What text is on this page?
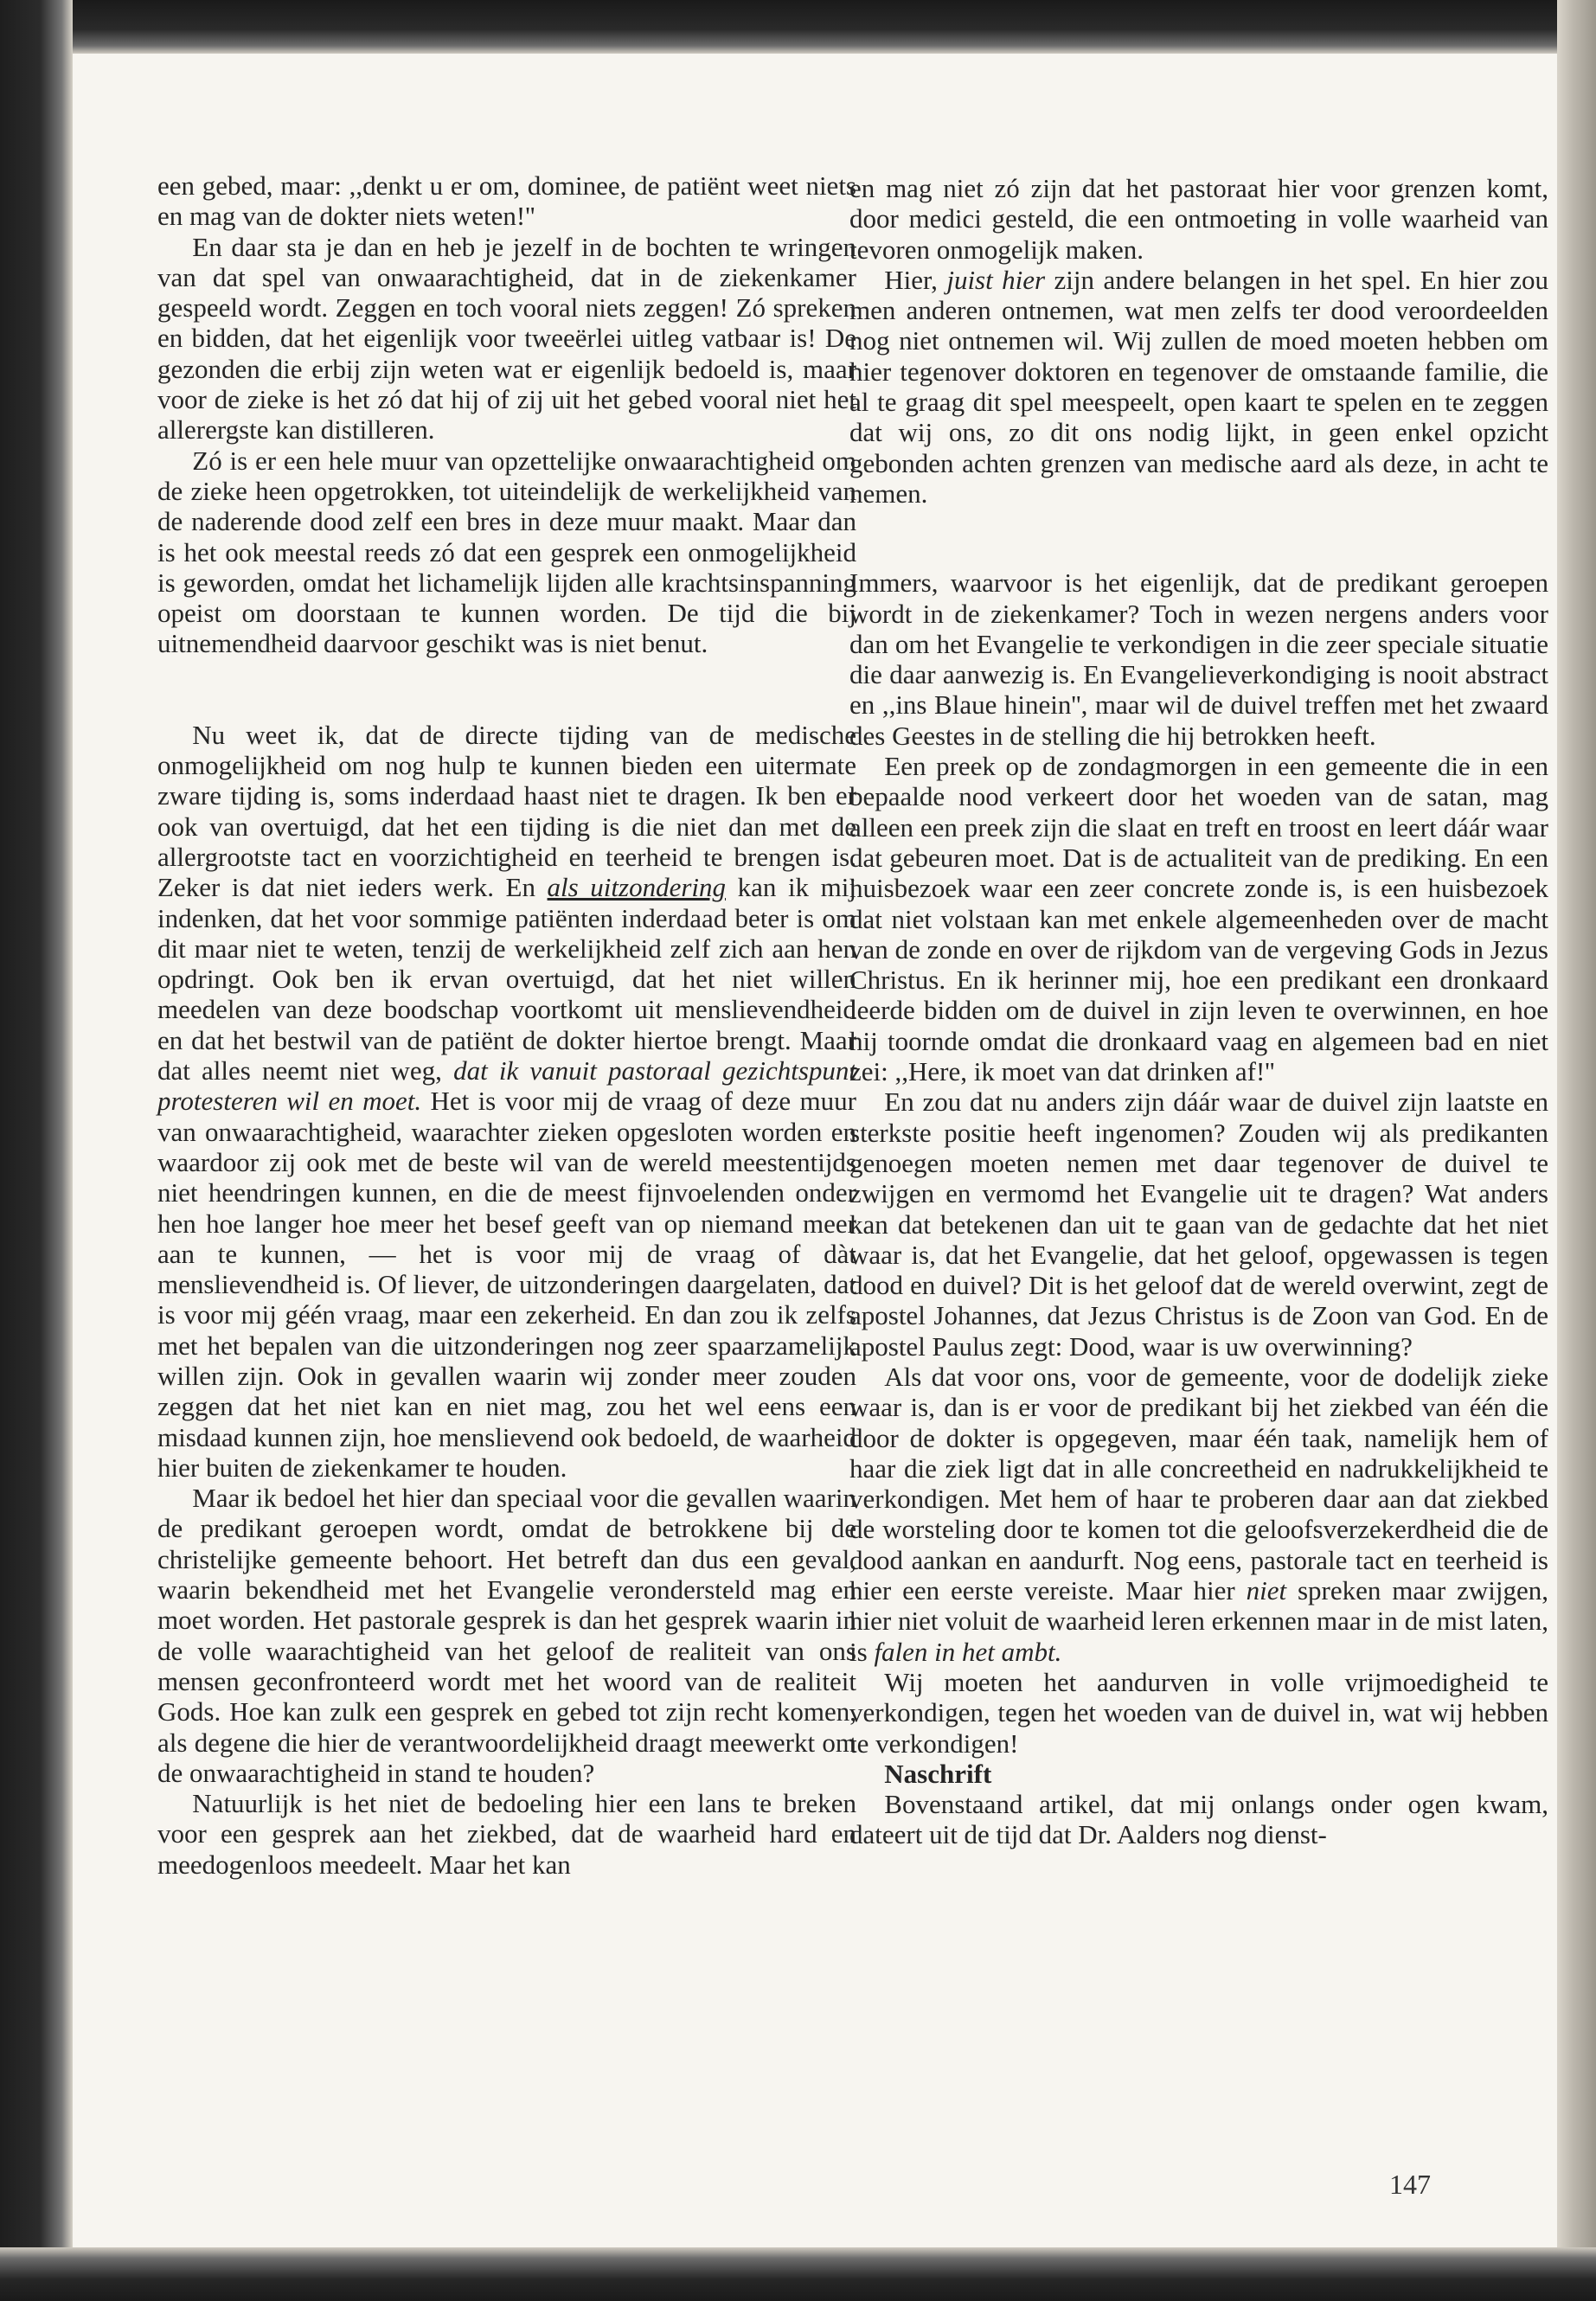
een gebed, maar: ,,denkt u er om, dominee, de patiënt weet niets en mag van de dokter niets weten!''

En daar sta je dan en heb je jezelf in de bochten te wringen van dat spel van onwaarachtigheid, dat in de ziekenkamer gespeeld wordt. Zeggen en toch vooral niets zeggen! Zó spreken en bidden, dat het eigenlijk voor tweeërlei uitleg vatbaar is! De gezonden die erbij zijn weten wat er eigenlijk bedoeld is, maar voor de zieke is het zó dat hij of zij uit het gebed vooral niet het allerergste kan distilleren.

Zó is er een hele muur van opzettelijke onwaarachtigheid om de zieke heen opgetrokken, tot uiteindelijk de werkelijkheid van de naderende dood zelf een bres in deze muur maakt. Maar dan is het ook meestal reeds zó dat een gesprek een onmogelijkheid is geworden, omdat het lichamelijk lijden alle krachtsinspanning opeist om doorstaan te kunnen worden. De tijd die bij uitnemendheid daarvoor geschikt was is niet benut.

Nu weet ik, dat de directe tijding van de medische onmogelijkheid om nog hulp te kunnen bieden een uitermate zware tijding is, soms inderdaad haast niet te dragen. Ik ben er ook van overtuigd, dat het een tijding is die niet dan met de allergrootste tact en voorzichtigheid en teerheid te brengen is. Zeker is dat niet ieders werk. En als uitzondering kan ik mij indenken, dat het voor sommige patiënten inderdaad beter is om dit maar niet te weten, tenzij de werkelijkheid zelf zich aan hen opdringt. Ook ben ik ervan overtuigd, dat het niet willen meedelen van deze boodschap voortkomt uit menslievendheid en dat het bestwil van de patiënt de dokter hiertoe brengt. Maar dat alles neemt niet weg, dat ik vanuit pastoraal gezichtspunt protesteren wil en moet. Het is voor mij de vraag of deze muur van onwaarachtigheid, waarachter zieken opgesloten worden en waardoor zij ook met de beste wil van de wereld meestentijds niet heendringen kunnen, en die de meest fijnvoelenden onder hen hoe langer hoe meer het besef geeft van op niemand meer aan te kunnen, — het is voor mij de vraag of dàt menslievendheid is. Of liever, de uitzonderingen daargelaten, dat is voor mij géén vraag, maar een zekerheid. En dan zou ik zelfs met het bepalen van die uitzonderingen nog zeer spaarzamelijk willen zijn. Ook in gevallen waarin wij zonder meer zouden zeggen dat het niet kan en niet mag, zou het wel eens een misdaad kunnen zijn, hoe menslievend ook bedoeld, de waarheid hier buiten de ziekenkamer te houden.

Maar ik bedoel het hier dan speciaal voor die gevallen waarin de predikant geroepen wordt, omdat de betrokkene bij de christelijke gemeente behoort. Het betreft dan dus een geval, waarin bekendheid met het Evangelie verondersteld mag en moet worden. Het pastorale gesprek is dan het gesprek waarin in de volle waarachtigheid van het geloof de realiteit van ons mensen geconfronteerd wordt met het woord van de realiteit Gods. Hoe kan zulk een gesprek en gebed tot zijn recht komen, als degene die hier de verantwoordelijkheid draagt meewerkt om de onwaarachtigheid in stand te houden?

Natuurlijk is het niet de bedoeling hier een lans te breken voor een gesprek aan het ziekbed, dat de waarheid hard en meedogenloos meedeelt. Maar het kan

en mag niet zó zijn dat het pastoraat hier voor grenzen komt, door medici gesteld, die een ontmoeting in volle waarheid van tevoren onmogelijk maken.

Hier, juist hier zijn andere belangen in het spel. En hier zou men anderen ontnemen, wat men zelfs ter dood veroordeelden nog niet ontnemen wil. Wij zullen de moed moeten hebben om hier tegenover doktoren en tegenover de omstaande familie, die al te graag dit spel meespeelt, open kaart te spelen en te zeggen dat wij ons, zo dit ons nodig lijkt, in geen enkel opzicht gebonden achten grenzen van medische aard als deze, in acht te nemen.

Immers, waarvoor is het eigenlijk, dat de predikant geroepen wordt in de ziekenkamer? Toch in wezen nergens anders voor dan om het Evangelie te verkondigen in die zeer speciale situatie die daar aanwezig is. En Evangelieverkondiging is nooit abstract en ,,ins Blaue hinein'', maar wil de duivel treffen met het zwaard des Geestes in de stelling die hij betrokken heeft.

Een preek op de zondagmorgen in een gemeente die in een bepaalde nood verkeert door het woeden van de satan, mag alleen een preek zijn die slaat en treft en troost en leert dáár waar dat gebeuren moet. Dat is de actualiteit van de prediking. En een huisbezoek waar een zeer concrete zonde is, is een huisbezoek dat niet volstaan kan met enkele algemeenheden over de macht van de zonde en over de rijkdom van de vergeving Gods in Jezus Christus. En ik herinner mij, hoe een predikant een dronkaard leerde bidden om de duivel in zijn leven te overwinnen, en hoe hij toornde omdat die dronkaard vaag en algemeen bad en niet zei: ,,Here, ik moet van dat drinken af!''

En zou dat nu anders zijn dáár waar de duivel zijn laatste en sterkste positie heeft ingenomen? Zouden wij als predikanten genoegen moeten nemen met daar tegenover de duivel te zwijgen en vermomd het Evangelie uit te dragen? Wat anders kan dat betekenen dan uit te gaan van de gedachte dat het niet waar is, dat het Evangelie, dat het geloof, opgewassen is tegen dood en duivel? Dit is het geloof dat de wereld overwint, zegt de apostel Johannes, dat Jezus Christus is de Zoon van God. En de apostel Paulus zegt: Dood, waar is uw overwinning?

Als dat voor ons, voor de gemeente, voor de dodelijk zieke waar is, dan is er voor de predikant bij het ziekbed van één die door de dokter is opgegeven, maar één taak, namelijk hem of haar die ziek ligt dat in alle concreetheid en nadrukkelijkheid te verkondigen. Met hem of haar te proberen daar aan dat ziekbed de worsteling door te komen tot die geloofsverzekerdheid die de dood aankan en aandurft. Nog eens, pastorale tact en teerheid is hier een eerste vereiste. Maar hier niet spreken maar zwijgen, hier niet voluit de waarheid leren erkennen maar in de mist laten, is falen in het ambt.

Wij moeten het aandurven in volle vrijmoedigheid te verkondigen, tegen het woeden van de duivel in, wat wij hebben te verkondigen!

Naschrift

Bovenstaand artikel, dat mij onlangs onder ogen kwam, dateert uit de tijd dat Dr. Aalders nog dienst-

147
